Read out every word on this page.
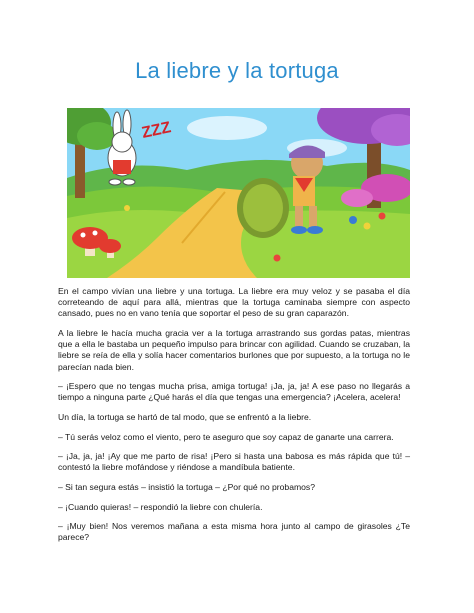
La liebre y la tortuga
ZZZ

En el campo vivían una liebre y una tortuga. La liebre era muy veloz y se pasaba el día correteando de aquí para allá, mientras que la tortuga caminaba siempre con aspecto cansado, pues no en vano tenía que soportar el peso de su gran caparazón.

A la liebre le hacía mucha gracia ver a la tortuga arrastrando sus gordas patas, mientras que a ella le bastaba un pequeño impulso para brincar con agilidad. Cuando se cruzaban, la liebre se reía de ella y solía hacer comentarios burlones que por supuesto, a la tortuga no le parecían nada bien.

– ¡Espero que no tengas mucha prisa, amiga tortuga! ¡Ja, ja, ja! A ese paso no llegarás a tiempo a ninguna parte ¿Qué harás el día que tengas una emergencia? ¡Acelera, acelera!

Un día, la tortuga se hartó de tal modo, que se enfrentó a la liebre.

– Tú serás veloz como el viento, pero te aseguro que soy capaz de ganarte una carrera.

– ¡Ja, ja, ja! ¡Ay que me parto de risa! ¡Pero si hasta una babosa es más rápida que tú! – contestó la liebre mofándose y riéndose a mandíbula batiente.

– Si tan segura estás – insistió la tortuga – ¿Por qué no probamos?

– ¡Cuando quieras! – respondió la liebre con chulería.

– ¡Muy bien! Nos veremos mañana a esta misma hora junto al campo de girasoles ¿Te parece?
